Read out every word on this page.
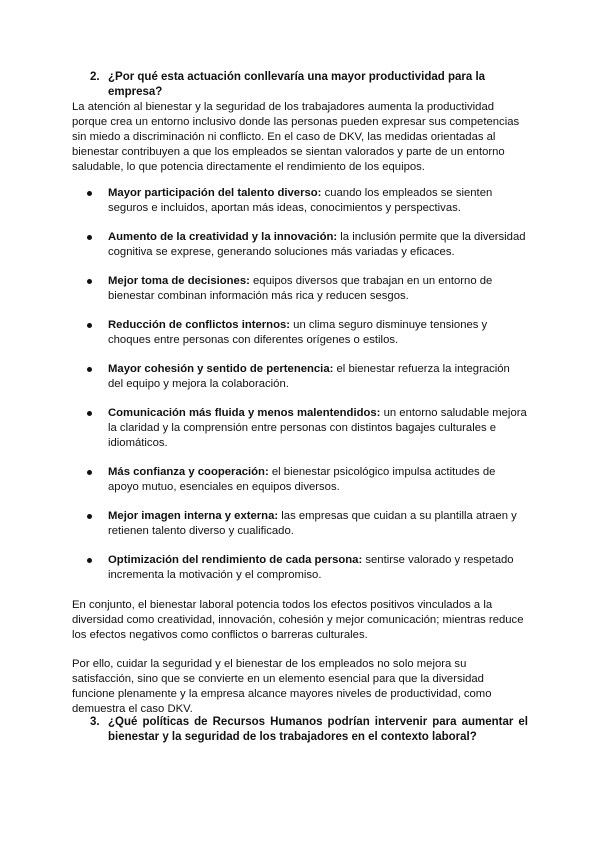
2. ¿Por qué esta actuación conllevaría una mayor productividad para la empresa?

La atención al bienestar y la seguridad de los trabajadores aumenta la productividad porque crea un entorno inclusivo donde las personas pueden expresar sus competencias sin miedo a discriminación ni conflicto. En el caso de DKV, las medidas orientadas al bienestar contribuyen a que los empleados se sientan valorados y parte de un entorno saludable, lo que potencia directamente el rendimiento de los equipos.

Mayor participación del talento diverso: cuando los empleados se sienten seguros e incluidos, aportan más ideas, conocimientos y perspectivas.
Aumento de la creatividad y la innovación: la inclusión permite que la diversidad cognitiva se exprese, generando soluciones más variadas y eficaces.
Mejor toma de decisiones: equipos diversos que trabajan en un entorno de bienestar combinan información más rica y reducen sesgos.
Reducción de conflictos internos: un clima seguro disminuye tensiones y choques entre personas con diferentes orígenes o estilos.
Mayor cohesión y sentido de pertenencia: el bienestar refuerza la integración del equipo y mejora la colaboración.
Comunicación más fluida y menos malentendidos: un entorno saludable mejora la claridad y la comprensión entre personas con distintos bagajes culturales e idiomáticos.
Más confianza y cooperación: el bienestar psicológico impulsa actitudes de apoyo mutuo, esenciales en equipos diversos.
Mejor imagen interna y externa: las empresas que cuidan a su plantilla atraen y retienen talento diverso y cualificado.
Optimización del rendimiento de cada persona: sentirse valorado y respetado incrementa la motivación y el compromiso.

En conjunto, el bienestar laboral potencia todos los efectos positivos vinculados a la diversidad como creatividad, innovación, cohesión y mejor comunicación; mientras reduce los efectos negativos como conflictos o barreras culturales.

Por ello, cuidar la seguridad y el bienestar de los empleados no solo mejora su satisfacción, sino que se convierte en un elemento esencial para que la diversidad funcione plenamente y la empresa alcance mayores niveles de productividad, como demuestra el caso DKV.

3. ¿Qué políticas de Recursos Humanos podrían intervenir para aumentar el bienestar y la seguridad de los trabajadores en el contexto laboral?
